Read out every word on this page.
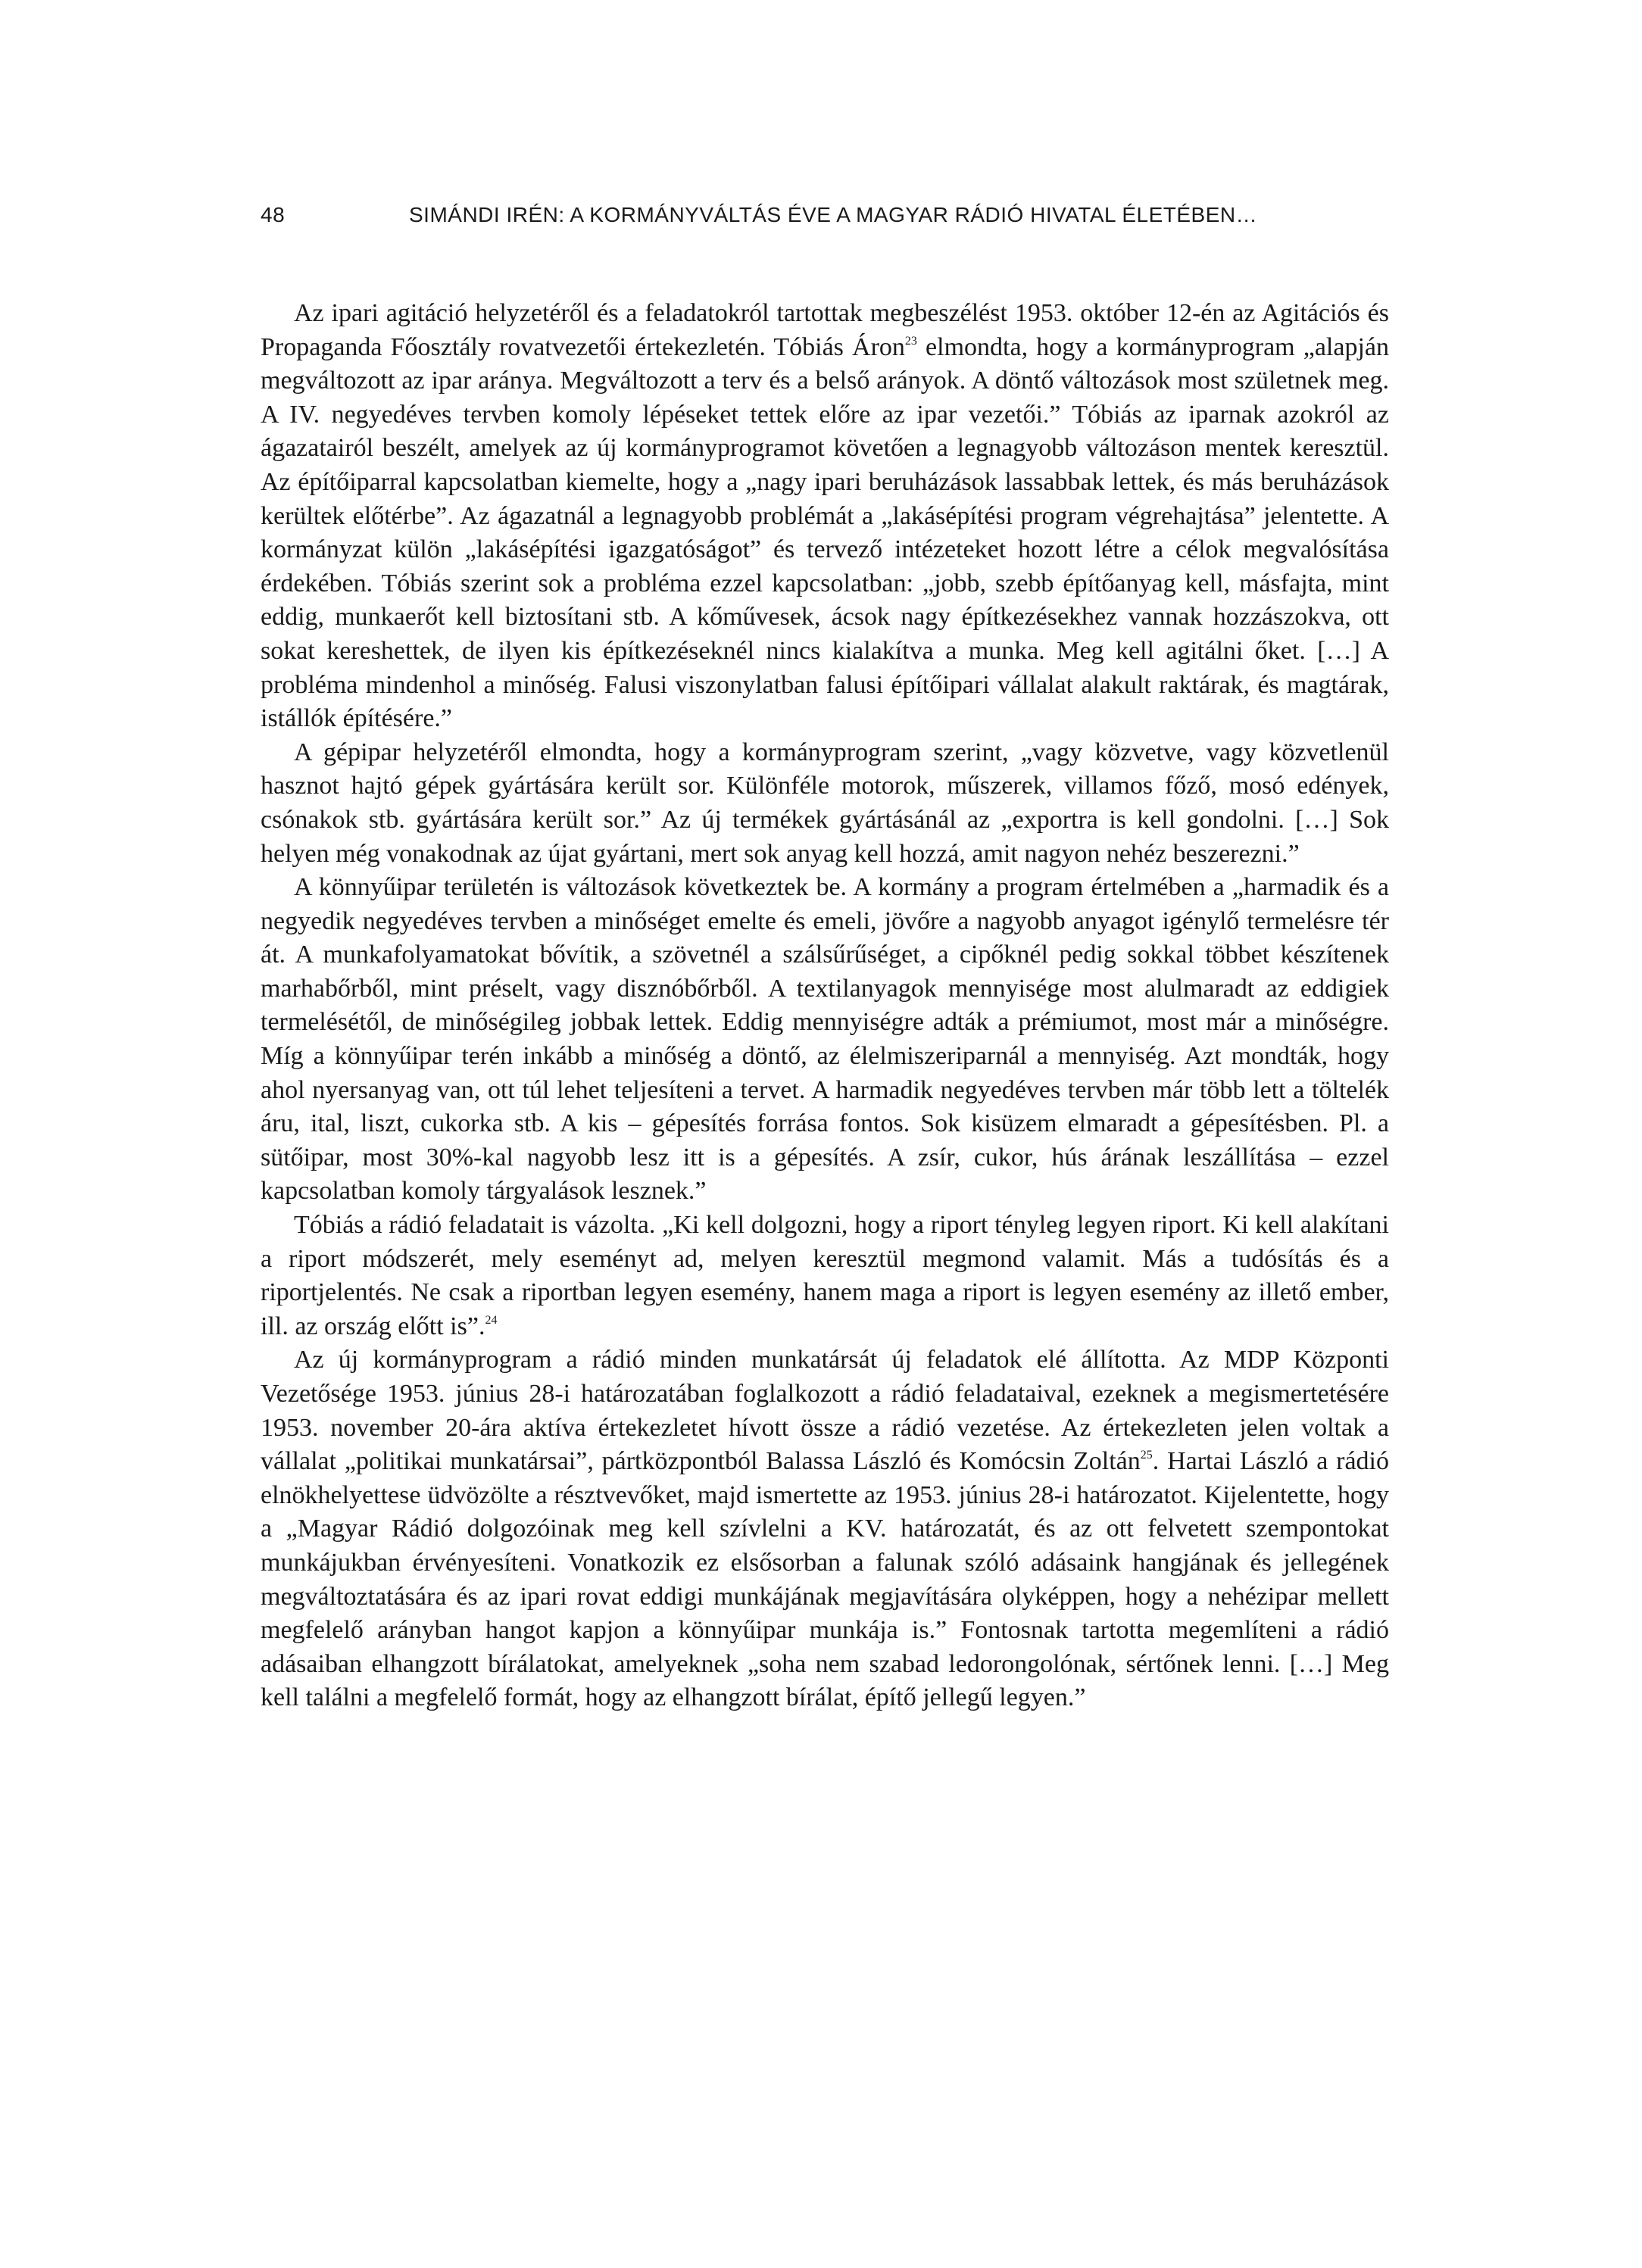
48	SIMÁNDI IRÉN: A KORMÁNYVÁLTÁS ÉVE A MAGYAR RÁDIÓ HIVATAL ÉLETÉBEN…

Az ipari agitáció helyzetéről és a feladatokról tartottak megbeszélést 1953. október 12-én az Agitációs és Propaganda Főosztály rovatvezetői értekezletén. Tóbiás Áron$^{23}$ elmondta, hogy a kormányprogram „alapján megváltozott az ipar aránya. Megváltozott a terv és a belső arányok. A döntő változások most születnek meg. A IV. negyedéves tervben komoly lépéseket tettek előre az ipar vezetői.” Tóbiás az iparnak azokról az ágazatairól beszélt, amelyek az új kormányprogramot követően a legnagyobb változáson mentek keresztül. Az építőiparral kapcsolatban kiemelte, hogy a „nagy ipari beruházások lassabbak lettek, és más beruházások kerültek előtérbe”. Az ágazatnál a legnagyobb problémát a „lakásépítési program végrehajtása” jelentette. A kormányzat külön „lakásépítési igazgatóságot” és tervező intézeteket hozott létre a célok megvalósítása érdekében. Tóbiás szerint sok a probléma ezzel kapcsolatban: „jobb, szebb építőanyag kell, másfajta, mint eddig, munkaerőt kell biztosítani stb. A kőművesek, ácsok nagy építkezésekhez vannak hozzászokva, ott sokat kereshettek, de ilyen kis építkezéseknél nincs kialakítva a munka. Meg kell agitálni őket. […] A probléma mindenhol a minőség. Falusi viszonylatban falusi építőipari vállalat alakult raktárak, és magtárak, istállók építésére.”

A gépipar helyzetéről elmondta, hogy a kormányprogram szerint, „vagy közvetve, vagy közvetlenül hasznot hajtó gépek gyártására került sor. Különféle motorok, műszerek, villamos főző, mosó edények, csónakok stb. gyártására került sor.” Az új termékek gyártásánál az „exportra is kell gondolni. […] Sok helyen még vonakodnak az újat gyártani, mert sok anyag kell hozzá, amit nagyon nehéz beszerezni.”

A könnyűipar területén is változások következtek be. A kormány a program értelmében a „harmadik és a negyedik negyedéves tervben a minőséget emelte és emeli, jövőre a nagyobb anyagot igénylő termelésre tér át. A munkafolyamatokat bővítik, a szövetnél a szálsűrűséget, a cipőknél pedig sokkal többet készítenek marhabőrből, mint préselt, vagy disznóbőrből. A textilanyagok mennyisége most alulmaradt az eddigiek termelésétől, de minőségileg jobbak lettek. Eddig mennyiségre adták a prémiumot, most már a minőségre. Míg a könnyűipar terén inkább a minőség a döntő, az élelmiszeriparnál a mennyiség. Azt mondták, hogy ahol nyersanyag van, ott túl lehet teljesíteni a tervet. A harmadik negyedéves tervben már több lett a töltelék áru, ital, liszt, cukorka stb. A kis – gépesítés forrása fontos. Sok kisüzem elmaradt a gépesítésben. Pl. a sütőipar, most 30%-kal nagyobb lesz itt is a gépesítés. A zsír, cukor, hús árának leszállítása – ezzel kapcsolatban komoly tárgyalások lesznek.”

Tóbiás a rádió feladatait is vázolta. „Ki kell dolgozni, hogy a riport tényleg legyen riport. Ki kell alakítani a riport módszerét, mely eseményt ad, melyen keresztül megmond valamit. Más a tudósítás és a riportjelentés. Ne csak a riportban legyen esemény, hanem maga a riport is legyen esemény az illető ember, ill. az ország előtt is”.$^{24}$

Az új kormányprogram a rádió minden munkatársát új feladatok elé állította. Az MDP Központi Vezetősége 1953. június 28-i határozatában foglalkozott a rádió feladataival, ezeknek a megismertetésére 1953. november 20-ára aktíva értekezletet hívott össze a rádió vezetése. Az értekezleten jelen voltak a vállalat „politikai munkatársai”, pártközpontból Balassa László és Komócsin Zoltán$^{25}$. Hartai László a rádió elnökhelyettese üdvözölte a résztvevőket, majd ismertette az 1953. június 28-i határozatot. Kijelentette, hogy a „Magyar Rádió dolgozóinak meg kell szívlelni a KV. határozatát, és az ott felvetett szempontokat munkájukban érvényesíteni. Vonatkozik ez elsősorban a falunak szóló adásaink hangjának és jellegének megváltoztatására és az ipari rovat eddigi munkájának megjavítására olyképpen, hogy a nehézipar mellett megfelelő arányban hangot kapjon a könnyűipar munkája is.” Fontosnak tartotta megemlíteni a rádió adásaiban elhangzott bírálatokat, amelyeknek „soha nem szabad ledorongolónak, sértőnek lenni. […] Meg kell találni a megfelelő formát, hogy az elhangzott bírálat, építő jellegű legyen.”
